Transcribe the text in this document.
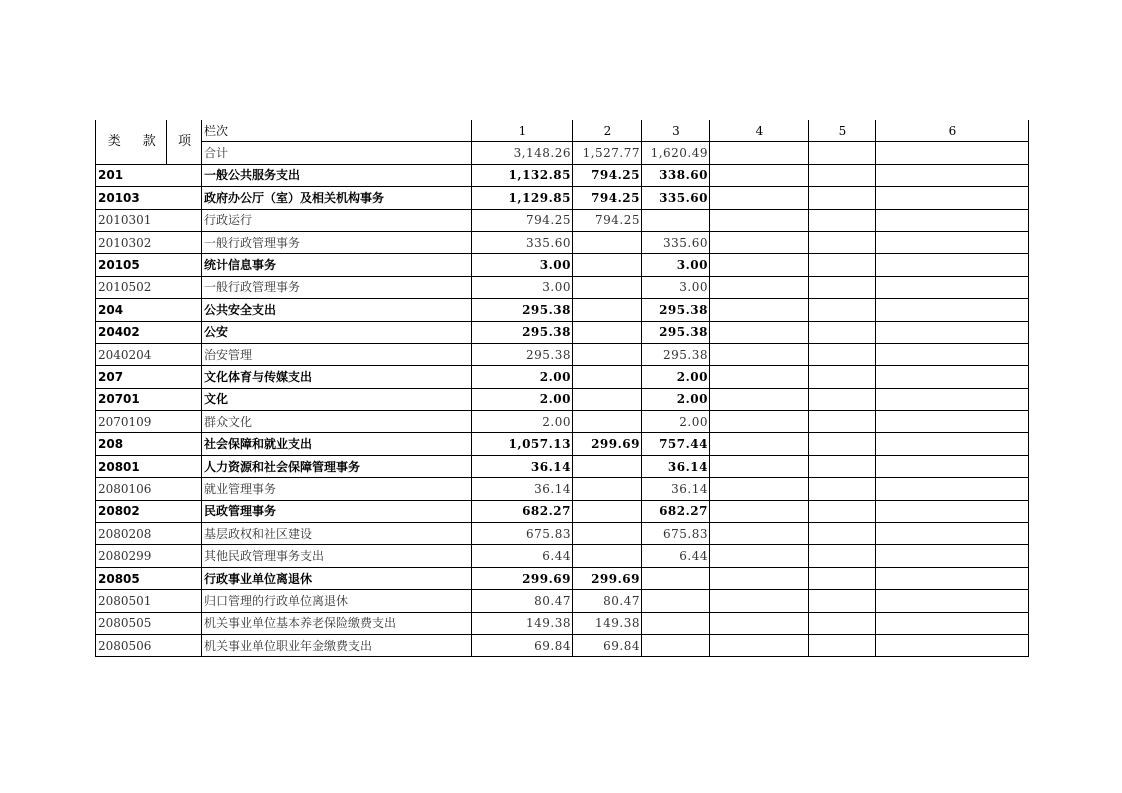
类	款	项	栏次	1	2	3	4	5	6
			合计	3,148.26	1,527.77	1,620.49			
201			一般公共服务支出	1,132.85	794.25	338.60			
20103			政府办公厅（室）及相关机构事务	1,129.85	794.25	335.60			
2010301			行政运行	794.25	794.25				
2010302			一般行政管理事务	335.60		335.60			
20105			统计信息事务	3.00		3.00			
2010502			一般行政管理事务	3.00		3.00			
204			公共安全支出	295.38		295.38			
20402			公安	295.38		295.38			
2040204			治安管理	295.38		295.38			
207			文化体育与传媒支出	2.00		2.00			
20701			文化	2.00		2.00			
2070109			群众文化	2.00		2.00			
208			社会保障和就业支出	1,057.13	299.69	757.44			
20801			人力资源和社会保障管理事务	36.14		36.14			
2080106			就业管理事务	36.14		36.14			
20802			民政管理事务	682.27		682.27			
2080208			基层政权和社区建设	675.83		675.83			
2080299			其他民政管理事务支出	6.44		6.44			
20805			行政事业单位离退休	299.69	299.69				
2080501			归口管理的行政单位离退休	80.47	80.47				
2080505			机关事业单位基本养老保险缴费支出	149.38	149.38				
2080506			机关事业单位职业年金缴费支出	69.84	69.84				
